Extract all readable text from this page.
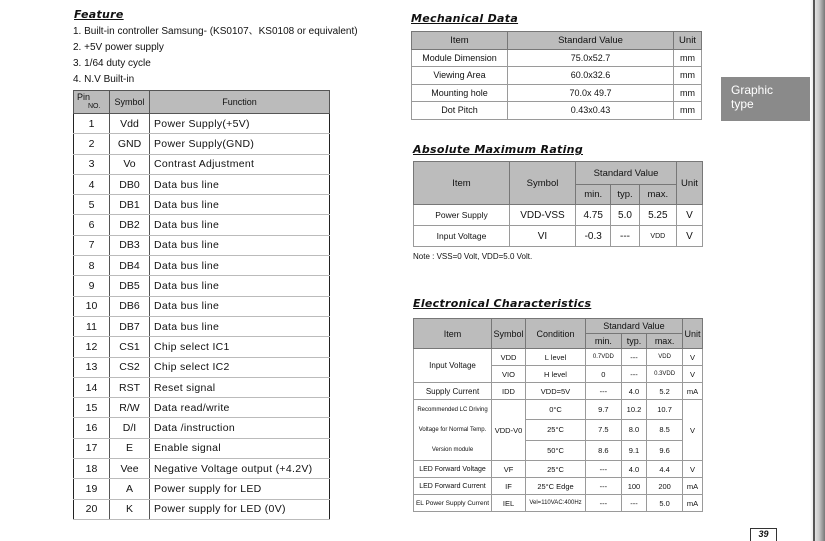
Feature
1. Built-in controller Samsung- (KS0107、KS0108 or equivalent)
2. +5V power supply
3. 1/64 duty cycle
4. N.V Built-in
Pin
NO.	Symbol	Function
1	Vdd	Power Supply(+5V)
2	GND	Power Supply(GND)
3	Vo	Contrast Adjustment
4	DB0	Data bus line
5	DB1	Data bus line
6	DB2	Data bus line
7	DB3	Data bus line
8	DB4	Data bus line
9	DB5	Data bus line
10	DB6	Data bus line
11	DB7	Data bus line
12	CS1	Chip select IC1
13	CS2	Chip select IC2
14	RST	Reset signal
15	R/W	Data read/write
16	D/I	Data /instruction
17	E	Enable signal
18	Vee	Negative Voltage output (+4.2V)
19	A	Power supply for LED
20	K	Power supply for LED (0V)
Mechanical Data
Item	Standard Value	Unit
Module Dimension	75.0x52.7	mm
Viewing Area	60.0x32.6	mm
Mounting hole	70.0x 49.7	mm
Dot Pitch	0.43x0.43	mm
Absolute Maximum Rating
Item	Symbol	Standard Value			Unit
		min.	typ.	max.	
Power Supply	VDD-VSS	4.75	5.0	5.25	V
Input Voltage	VI	-0.3	---	VDD	V
Note : VSS=0 Volt, VDD=5.0 Volt.
Electronical Characteristics
Item	Symbol	Condition	Standard Value			Unit
			min.	typ.	max.	
Input Voltage	VDD	L level	0.7VDD	---	VDD	V
	VIO	H level	0	---	0.3VDD	V
Supply Current	IDD	VDD=5V	---	4.0	5.2	mA

Recommended LC Driving
Voltage for Normal Temp.
Version module	VDD-V0	0°C	9.7	10.2	10.7	V
		25°C	7.5	8.0	8.5	
		50°C	8.6	9.1	9.6	
LED Forward Voltage	VF	25°C	---	4.0	4.4	V
LED Forward Current	IF	25°C Edge	---	100	200	mA
EL Power Supply Current	IEL	Vel=110VAC:400Hz	---	---	5.0	mA
Graphic
type
39
